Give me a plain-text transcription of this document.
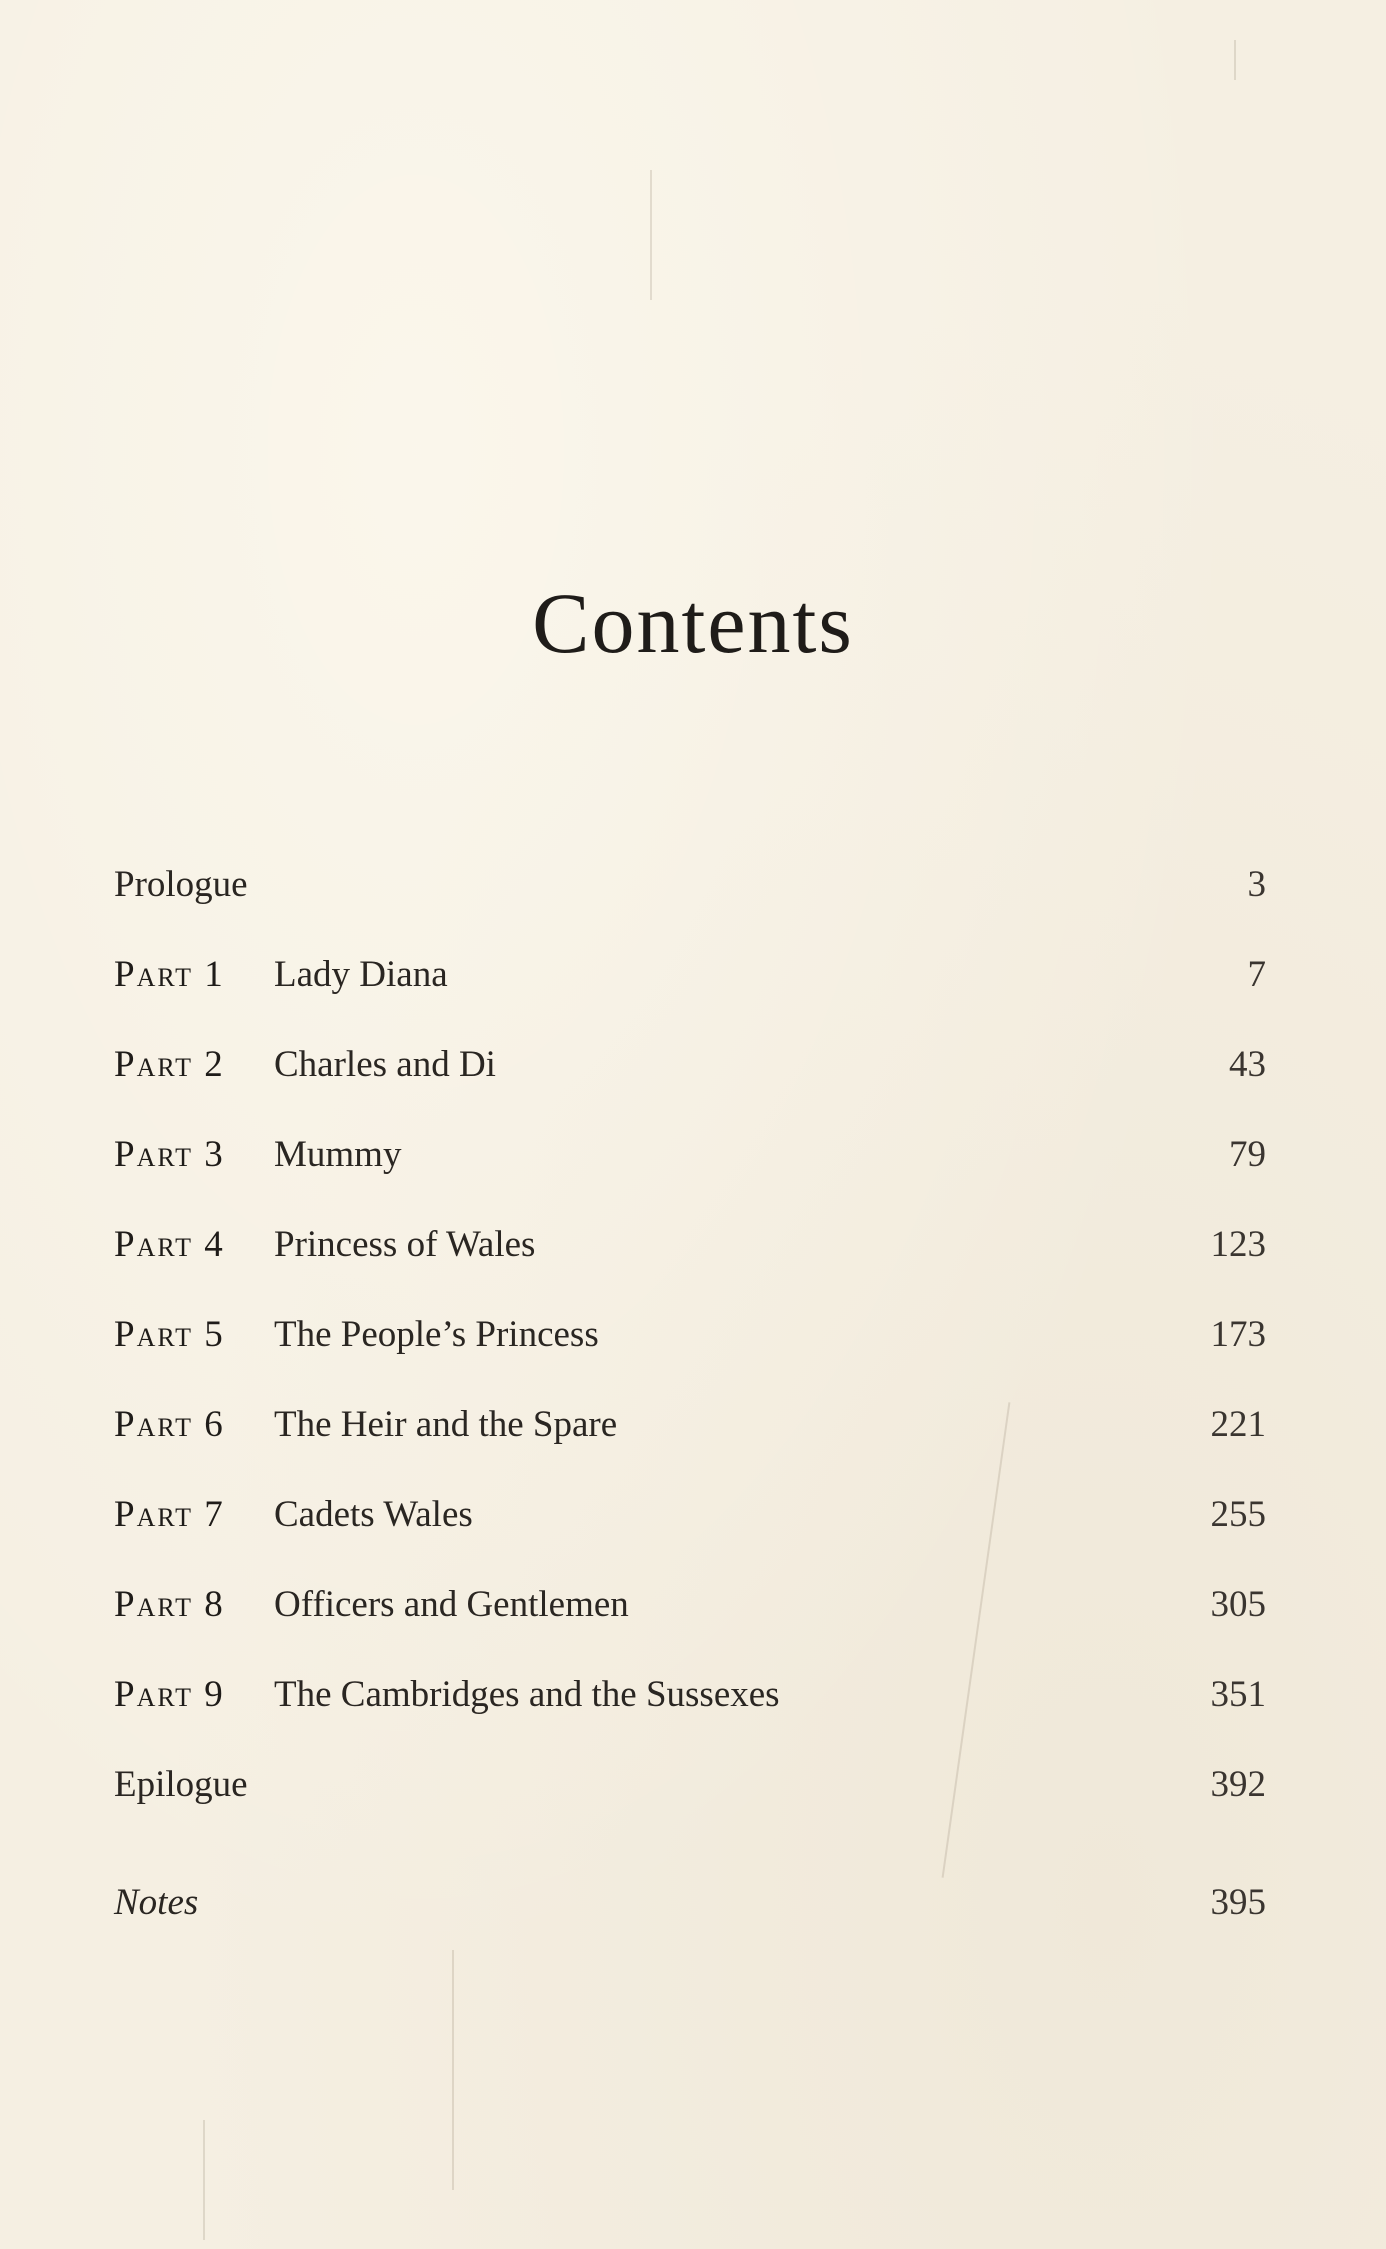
Contents
Prologue	3
Part 1 Lady Diana	7
Part 2 Charles and Di	43
Part 3 Mummy	79
Part 4 Princess of Wales	123
Part 5 The People’s Princess	173
Part 6 The Heir and the Spare	221
Part 7 Cadets Wales	255
Part 8 Officers and Gentlemen	305
Part 9 The Cambridges and the Sussexes	351
Epilogue	392
Notes	395
